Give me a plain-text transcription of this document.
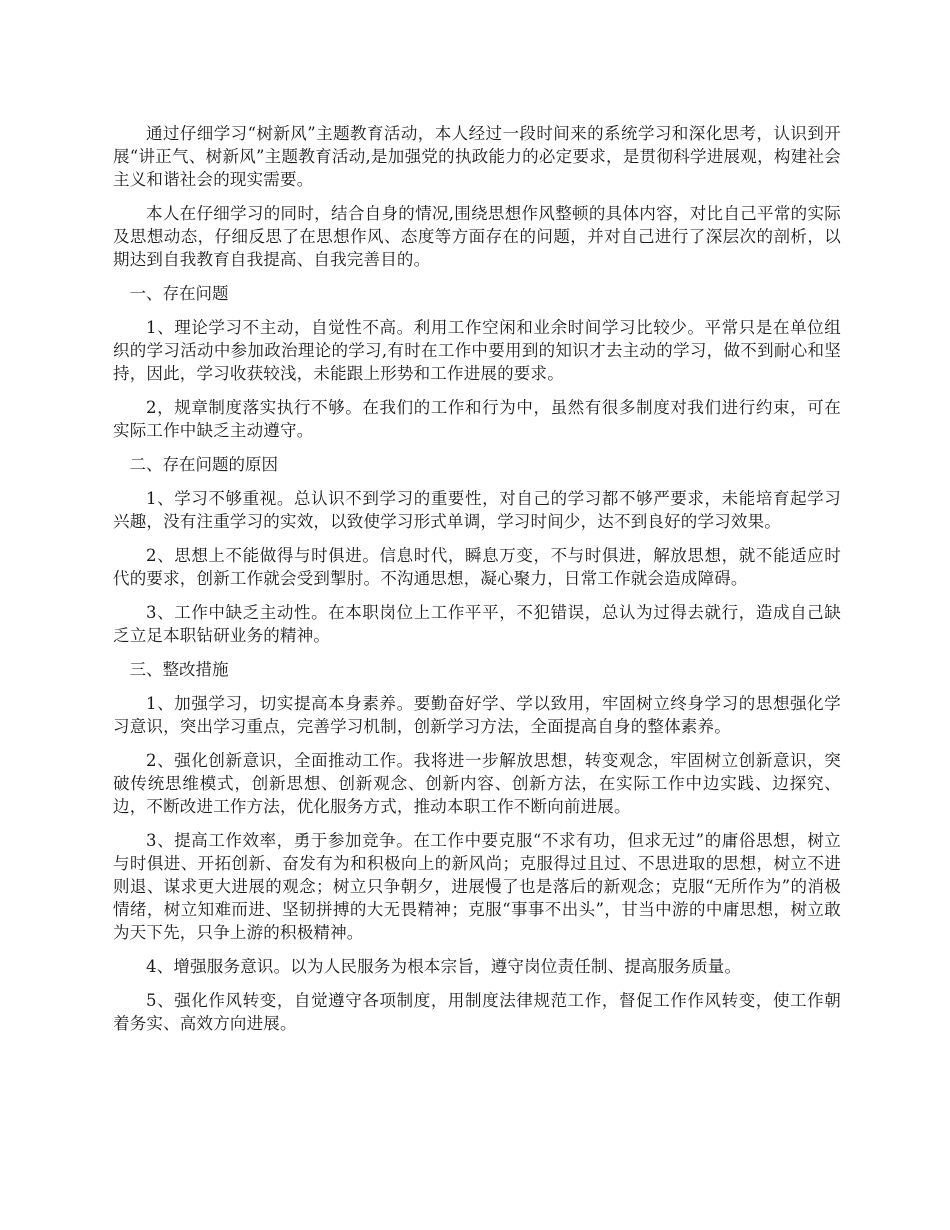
通过仔细学习“树新风”主题教育活动，本人经过一段时间来的系统学习和深化思考，认识到开展“讲正气、树新风”主题教育活动,是加强党的执政能力的必定要求，是贯彻科学进展观，构建社会主义和谐社会的现实需要。

本人在仔细学习的同时，结合自身的情况,围绕思想作风整顿的具体内容，对比自己平常的实际及思想动态，仔细反思了在思想作风、态度等方面存在的问题，并对自己进行了深层次的剖析，以期达到自我教育自我提高、自我完善目的。

一、存在问题

1、理论学习不主动，自觉性不高。利用工作空闲和业余时间学习比较少。平常只是在单位组织的学习活动中参加政治理论的学习,有时在工作中要用到的知识才去主动的学习，做不到耐心和坚持，因此，学习收获较浅，未能跟上形势和工作进展的要求。

2，规章制度落实执行不够。在我们的工作和行为中，虽然有很多制度对我们进行约束，可在实际工作中缺乏主动遵守。

二、存在问题的原因

1、学习不够重视。总认识不到学习的重要性，对自己的学习都不够严要求，未能培育起学习兴趣，没有注重学习的实效，以致使学习形式单调，学习时间少，达不到良好的学习效果。

2、思想上不能做得与时俱进。信息时代，瞬息万变，不与时俱进，解放思想，就不能适应时代的要求，创新工作就会受到掣肘。不沟通思想，凝心聚力，日常工作就会造成障碍。

3、工作中缺乏主动性。在本职岗位上工作平平，不犯错误，总认为过得去就行，造成自己缺乏立足本职钻研业务的精神。

三、整改措施

1、加强学习，切实提高本身素养。要勤奋好学、学以致用，牢固树立终身学习的思想强化学习意识，突出学习重点，完善学习机制，创新学习方法，全面提高自身的整体素养。

2、强化创新意识，全面推动工作。我将进一步解放思想，转变观念，牢固树立创新意识，突破传统思维模式，创新思想、创新观念、创新内容、创新方法，在实际工作中边实践、边探究、边，不断改进工作方法，优化服务方式，推动本职工作不断向前进展。

3、提高工作效率，勇于参加竞争。在工作中要克服“不求有功，但求无过”的庸俗思想，树立与时俱进、开拓创新、奋发有为和积极向上的新风尚；克服得过且过、不思进取的思想，树立不进则退、谋求更大进展的观念；树立只争朝夕，进展慢了也是落后的新观念；克服“无所作为”的消极情绪，树立知难而进、坚韧拼搏的大无畏精神；克服“事事不出头”，甘当中游的中庸思想，树立敢为天下先，只争上游的积极精神。

4、增强服务意识。以为人民服务为根本宗旨，遵守岗位责任制、提高服务质量。

5、强化作风转变，自觉遵守各项制度，用制度法律规范工作，督促工作作风转变，使工作朝着务实、高效方向进展。
